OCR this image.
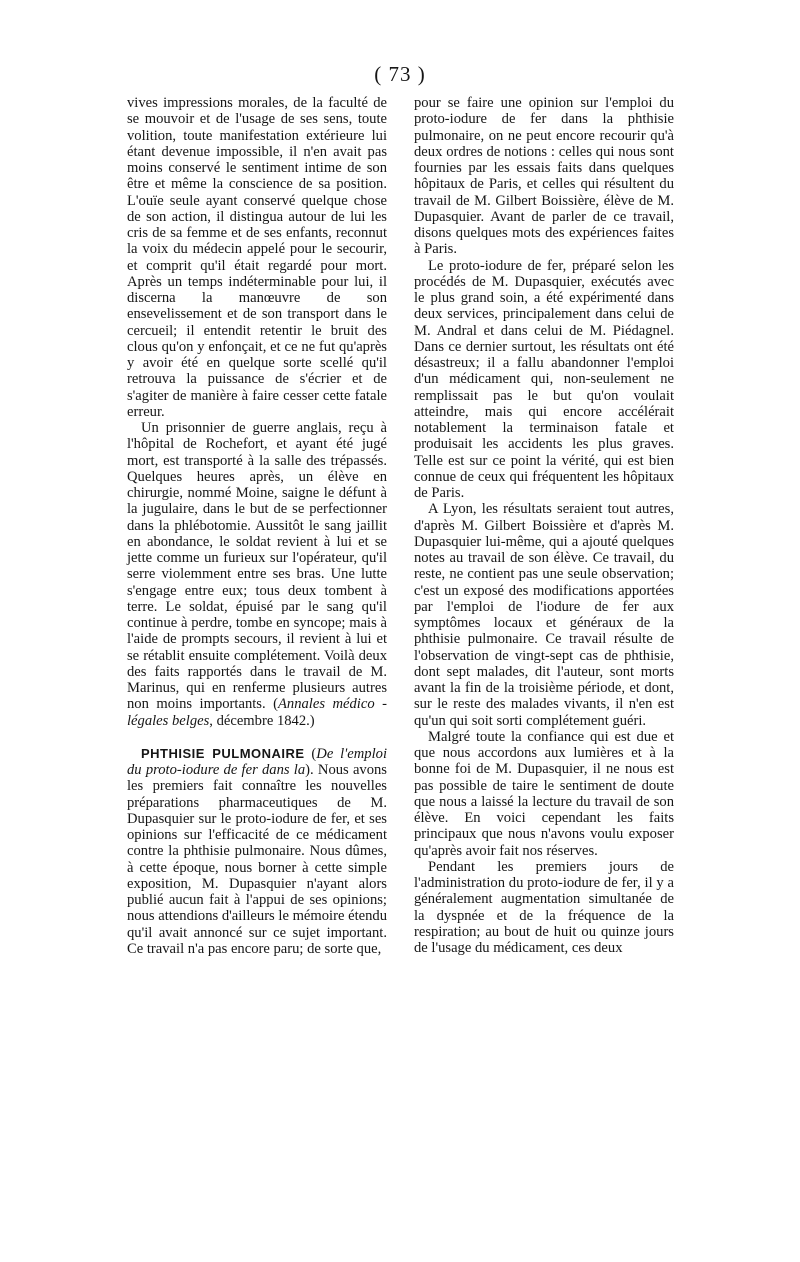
( 73 )

vives impressions morales, de la faculté de se mouvoir et de l'usage de ses sens, toute volition, toute manifestation extérieure lui étant devenue impossible, il n'en avait pas moins conservé le sentiment intime de son être et même la conscience de sa position. L'ouïe seule ayant conservé quelque chose de son action, il distingua autour de lui les cris de sa femme et de ses enfants, reconnut la voix du médecin appelé pour le secourir, et comprit qu'il était regardé pour mort. Après un temps indéterminable pour lui, il discerna la manœuvre de son ensevelissement et de son transport dans le cercueil; il entendit retentir le bruit des clous qu'on y enfonçait, et ce ne fut qu'après y avoir été en quelque sorte scellé qu'il retrouva la puissance de s'écrier et de s'agiter de manière à faire cesser cette fatale erreur.

Un prisonnier de guerre anglais, reçu à l'hôpital de Rochefort, et ayant été jugé mort, est transporté à la salle des trépassés. Quelques heures après, un élève en chirurgie, nommé Moine, saigne le défunt à la jugulaire, dans le but de se perfectionner dans la phlébotomie. Aussitôt le sang jaillit en abondance, le soldat revient à lui et se jette comme un furieux sur l'opérateur, qu'il serre violemment entre ses bras. Une lutte s'engage entre eux; tous deux tombent à terre. Le soldat, épuisé par le sang qu'il continue à perdre, tombe en syncope; mais à l'aide de prompts secours, il revient à lui et se rétablit ensuite complétement. Voilà deux des faits rapportés dans le travail de M. Marinus, qui en renferme plusieurs autres non moins importants. (Annales médico - légales belges, décembre 1842.)

PHTHISIE PULMONAIRE (De l'emploi du proto-iodure de fer dans la). Nous avons les premiers fait connaître les nouvelles préparations pharmaceutiques de M. Dupasquier sur le proto-iodure de fer, et ses opinions sur l'efficacité de ce médicament contre la phthisie pulmonaire. Nous dûmes, à cette époque, nous borner à cette simple exposition, M. Dupasquier n'ayant alors publié aucun fait à l'appui de ses opinions; nous attendions d'ailleurs le mémoire étendu qu'il avait annoncé sur ce sujet important. Ce travail n'a pas encore paru; de sorte que,

pour se faire une opinion sur l'emploi du proto-iodure de fer dans la phthisie pulmonaire, on ne peut encore recourir qu'à deux ordres de notions : celles qui nous sont fournies par les essais faits dans quelques hôpitaux de Paris, et celles qui résultent du travail de M. Gilbert Boissière, élève de M. Dupasquier. Avant de parler de ce travail, disons quelques mots des expériences faites à Paris.

Le proto-iodure de fer, préparé selon les procédés de M. Dupasquier, exécutés avec le plus grand soin, a été expérimenté dans deux services, principalement dans celui de M. Andral et dans celui de M. Piédagnel. Dans ce dernier surtout, les résultats ont été désastreux; il a fallu abandonner l'emploi d'un médicament qui, non-seulement ne remplissait pas le but qu'on voulait atteindre, mais qui encore accélérait notablement la terminaison fatale et produisait les accidents les plus graves. Telle est sur ce point la vérité, qui est bien connue de ceux qui fréquentent les hôpitaux de Paris.

A Lyon, les résultats seraient tout autres, d'après M. Gilbert Boissière et d'après M. Dupasquier lui-même, qui a ajouté quelques notes au travail de son élève. Ce travail, du reste, ne contient pas une seule observation; c'est un exposé des modifications apportées par l'emploi de l'iodure de fer aux symptômes locaux et généraux de la phthisie pulmonaire. Ce travail résulte de l'observation de vingt-sept cas de phthisie, dont sept malades, dit l'auteur, sont morts avant la fin de la troisième période, et dont, sur le reste des malades vivants, il n'en est qu'un qui soit sorti complétement guéri.

Malgré toute la confiance qui est due et que nous accordons aux lumières et à la bonne foi de M. Dupasquier, il ne nous est pas possible de taire le sentiment de doute que nous a laissé la lecture du travail de son élève. En voici cependant les faits principaux que nous n'avons voulu exposer qu'après avoir fait nos réserves.

Pendant les premiers jours de l'administration du proto-iodure de fer, il y a généralement augmentation simultanée de la dyspnée et de la fréquence de la respiration; au bout de huit ou quinze jours de l'usage du médicament, ces deux
